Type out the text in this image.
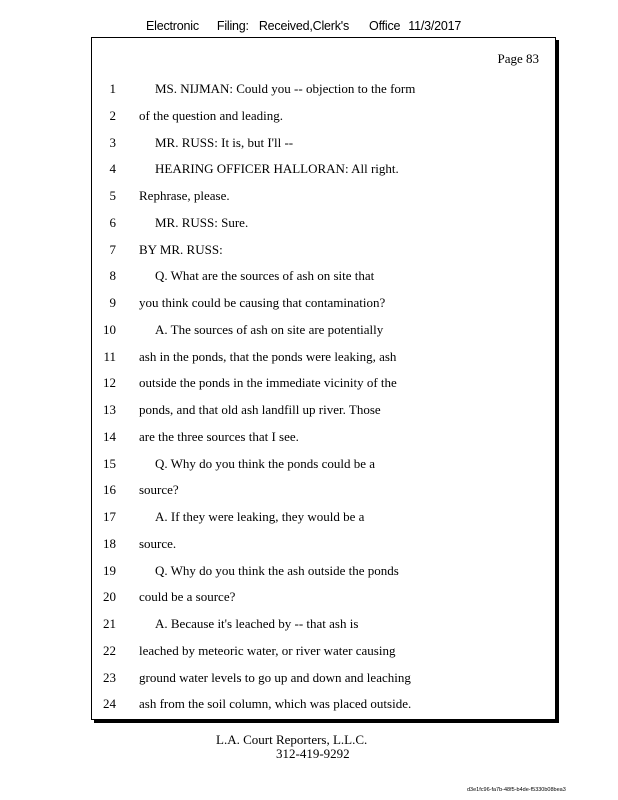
Electronic Filing: Received,Clerk's Office 11/3/2017
Page 83
1	MS. NIJMAN: Could you -- objection to the form
2 of the question and leading.
3	MR. RUSS: It is, but I'll --
4	HEARING OFFICER HALLORAN: All right.
5 Rephrase, please.
6	MR. RUSS: Sure.
7 BY MR. RUSS:
8	Q. What are the sources of ash on site that
9 you think could be causing that contamination?
10	A. The sources of ash on site are potentially
11 ash in the ponds, that the ponds were leaking, ash
12 outside the ponds in the immediate vicinity of the
13 ponds, and that old ash landfill up river. Those
14 are the three sources that I see.
15	Q. Why do you think the ponds could be a
16 source?
17	A. If they were leaking, they would be a
18 source.
19	Q. Why do you think the ash outside the ponds
20 could be a source?
21	A. Because it's leached by -- that ash is
22 leached by meteoric water, or river water causing
23 ground water levels to go up and down and leaching
24 ash from the soil column, which was placed outside.
L.A. Court Reporters, L.L.C.
312-419-9292
d3e1fc96-fa7b-48f5-b4de-f5330b08bea3
